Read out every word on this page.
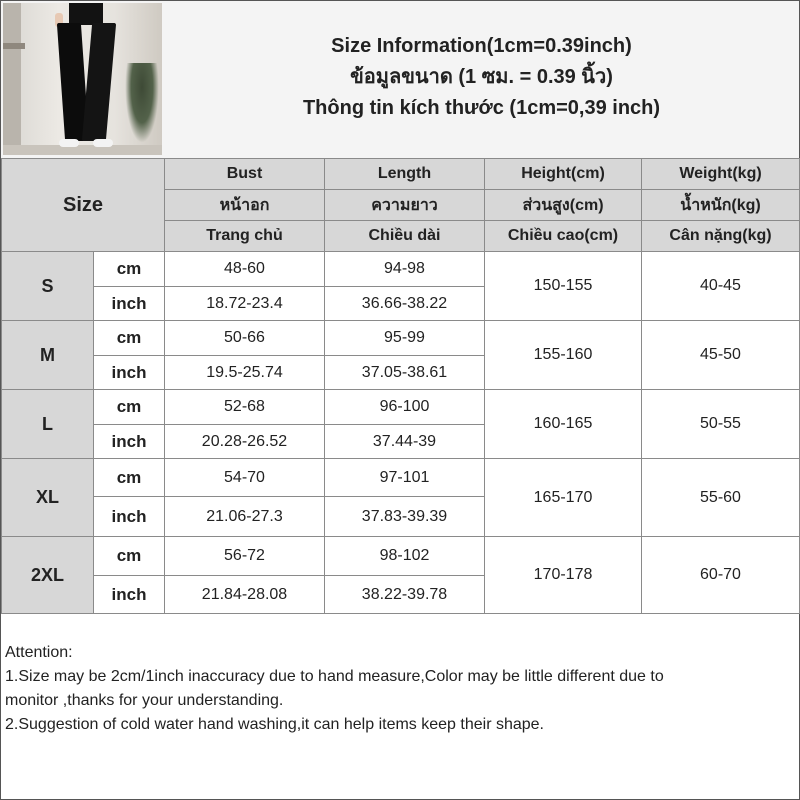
Size Information(1cm=0.39inch)
ข้อมูลขนาด (1 ซม. = 0.39 นิ้ว)
Thông tin kích thước (1cm=0,39 inch)
Size		Bust	Length	Height(cm)	Weight(kg)
		หน้าอก	ความยาว	ส่วนสูง(cm)	น้ำหนัก(kg)
		Trang chủ	Chiều dài	Chiều cao(cm)	Cân nặng(kg)
S	cm	48-60	94-98	150-155	40-45
	inch	18.72-23.4	36.66-38.22		
M	cm	50-66	95-99	155-160	45-50
	inch	19.5-25.74	37.05-38.61		
L	cm	52-68	96-100	160-165	50-55
	inch	20.28-26.52	37.44-39		
XL	cm	54-70	97-101	165-170	55-60
	inch	21.06-27.3	37.83-39.39		
2XL	cm	56-72	98-102	170-178	60-70
	inch	21.84-28.08	38.22-39.78		
Attention:
1.Size may be 2cm/1inch inaccuracy due to hand measure,Color may be little different due to
monitor ,thanks for your understanding.
2.Suggestion of cold water hand washing,it can help items keep their shape.
